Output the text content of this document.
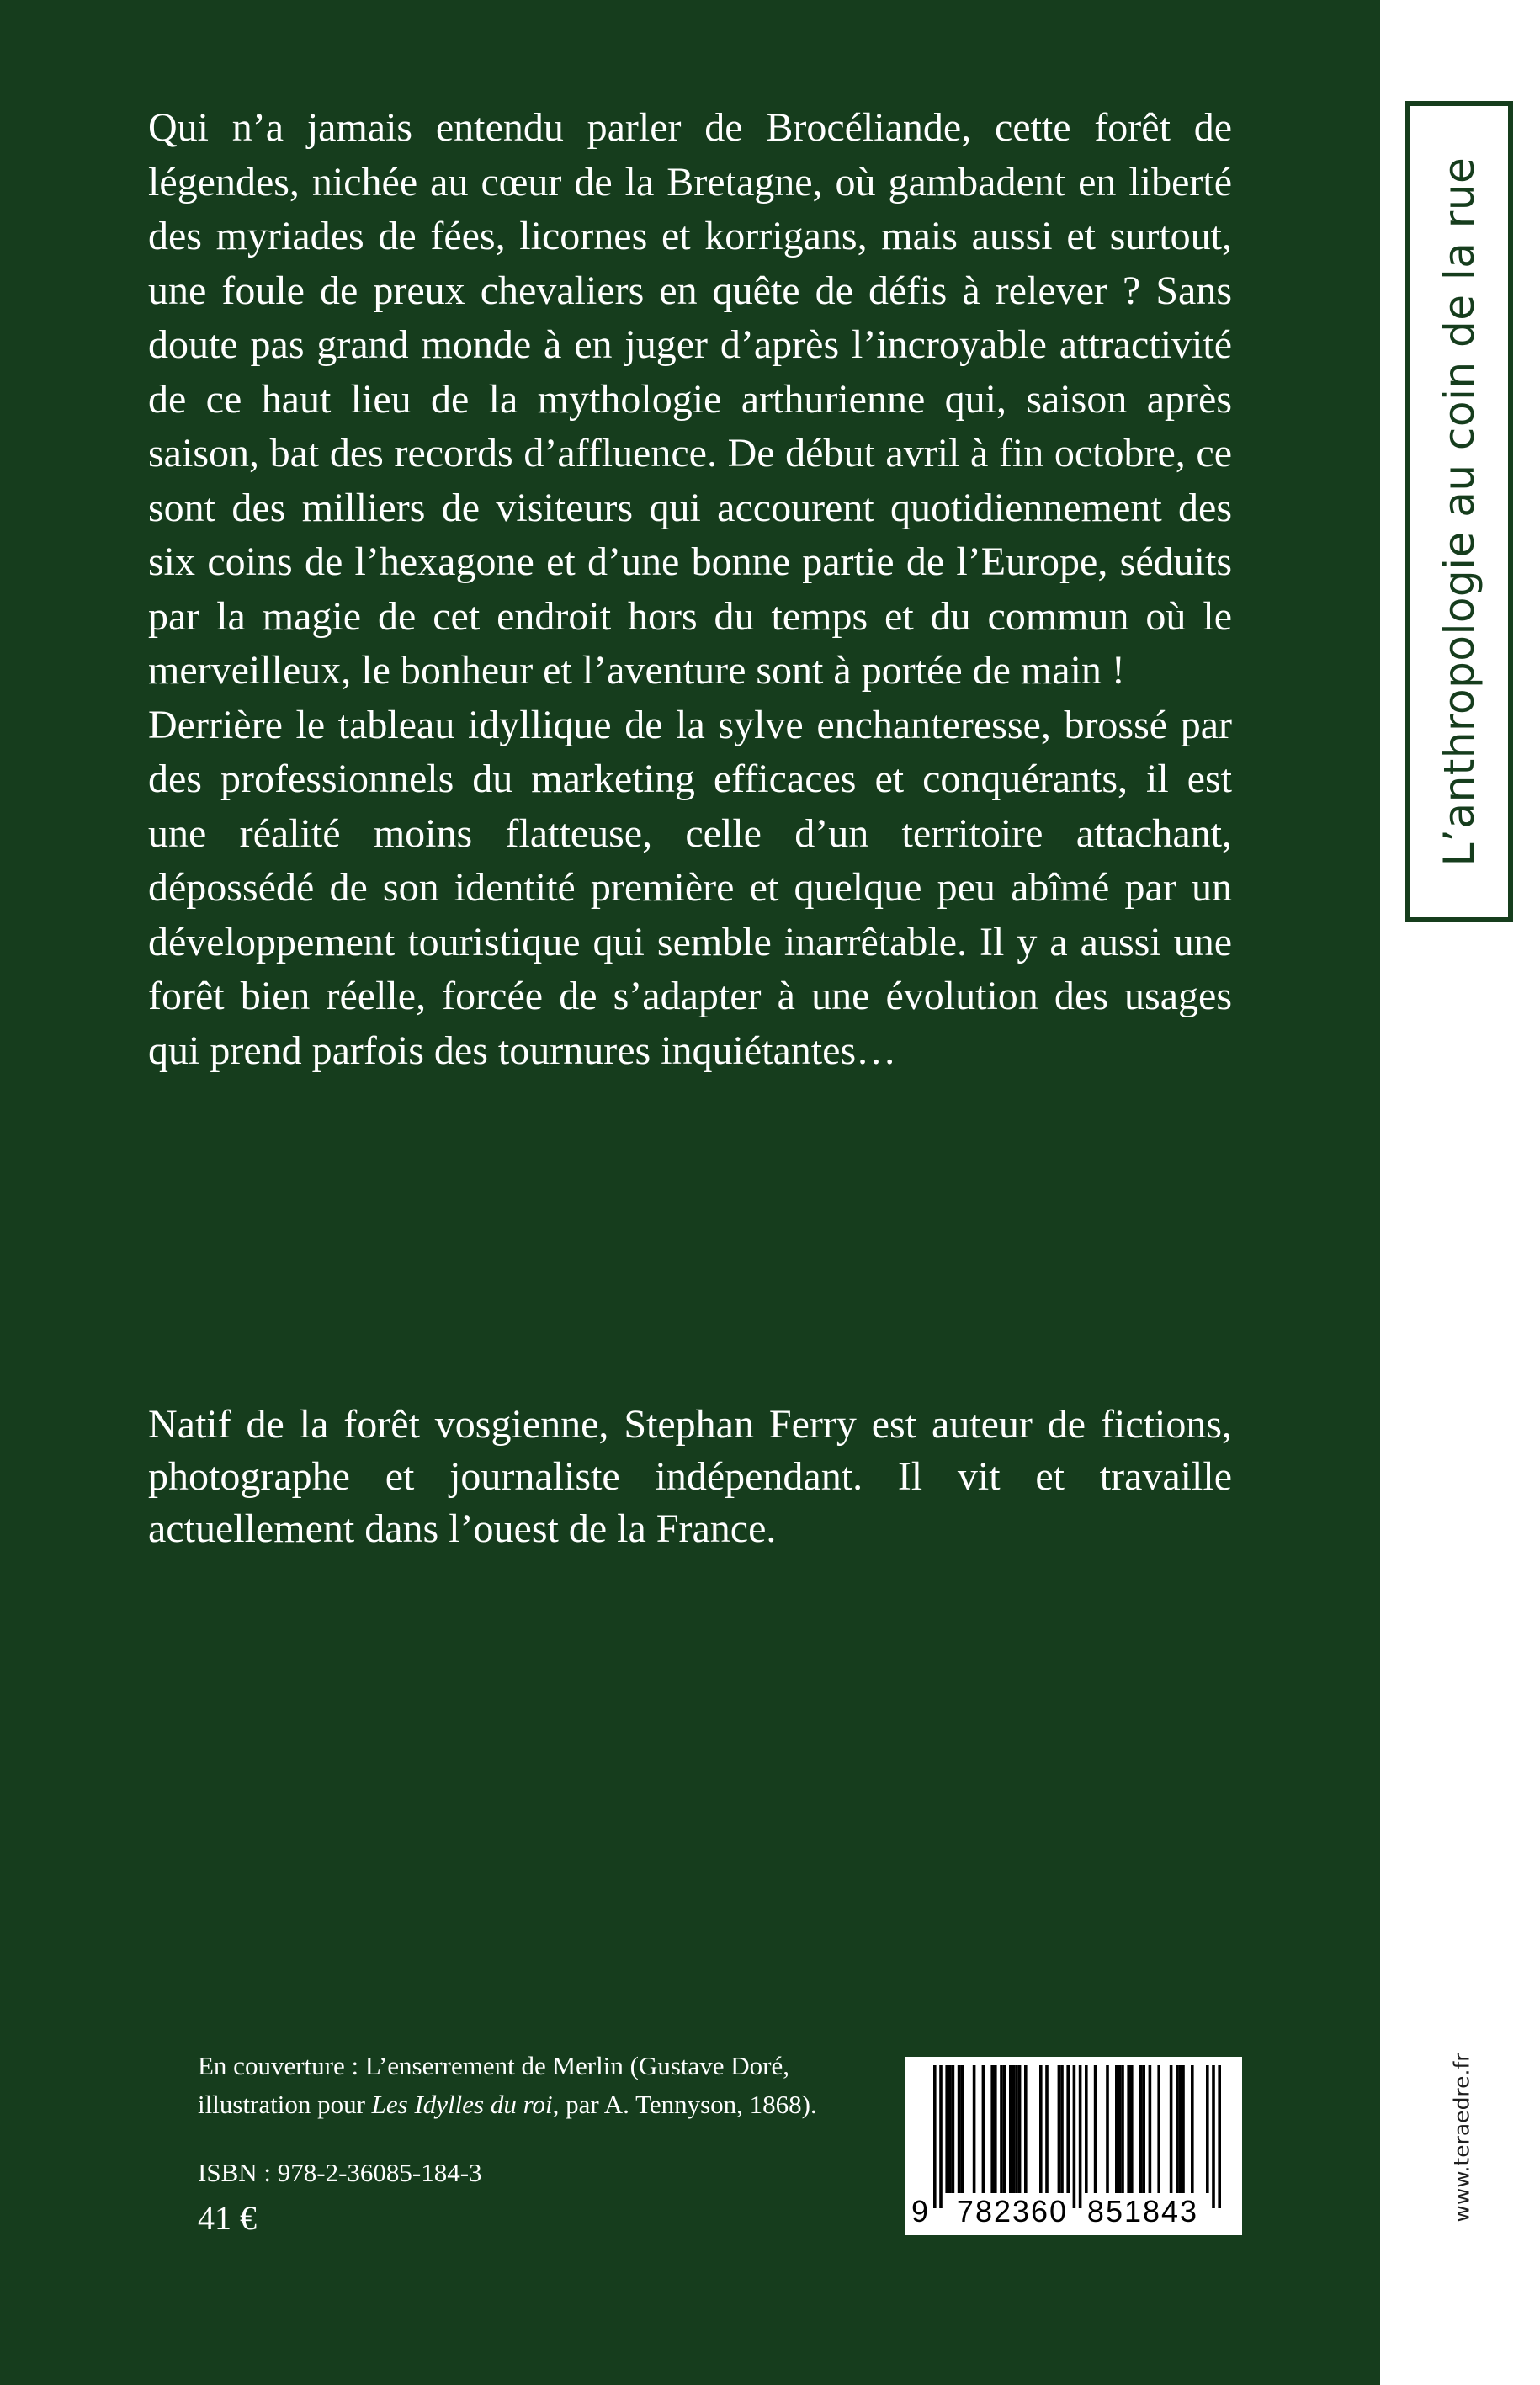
Qui n’a jamais entendu parler de Brocéliande, cette forêt de légendes, nichée au cœur de la Bretagne, où gambadent en liberté des myriades de fées, licornes et korrigans, mais aussi et surtout, une foule de preux chevaliers en quête de défis à relever ? Sans doute pas grand monde à en juger d’après l’incroyable attractivité de ce haut lieu de la mythologie arthurienne qui, saison après saison, bat des records d’affluence. De début avril à fin octobre, ce sont des milliers de visiteurs qui accourent quotidiennement des six coins de l’hexagone et d’une bonne partie de l’Europe, séduits par la magie de cet endroit hors du temps et du commun où le merveilleux, le bonheur et l’aventure sont à portée de main !

Derrière le tableau idyllique de la sylve enchanteresse, brossé par des professionnels du marketing efficaces et conquérants, il est une réalité moins flatteuse, celle d’un territoire attachant, dépossédé de son identité première et quelque peu abîmé par un développement touristique qui semble inarrêtable. Il y a aussi une forêt bien réelle, forcée de s’adapter à une évolution des usages qui prend parfois des tournures inquiétantes…

Natif de la forêt vosgienne, Stephan Ferry est auteur de fictions, photographe et journaliste indépendant. Il vit et travaille actuellement dans l’ouest de la France.

En couverture : L’enserrement de Merlin (Gustave Doré,

illustration pour Les Idylles du roi, par A. Tennyson, 1868).

ISBN : 978-2-36085-184-3
41 €	9 782360 851843
L’anthropologie au coin de la rue
www.teraedre.fr
